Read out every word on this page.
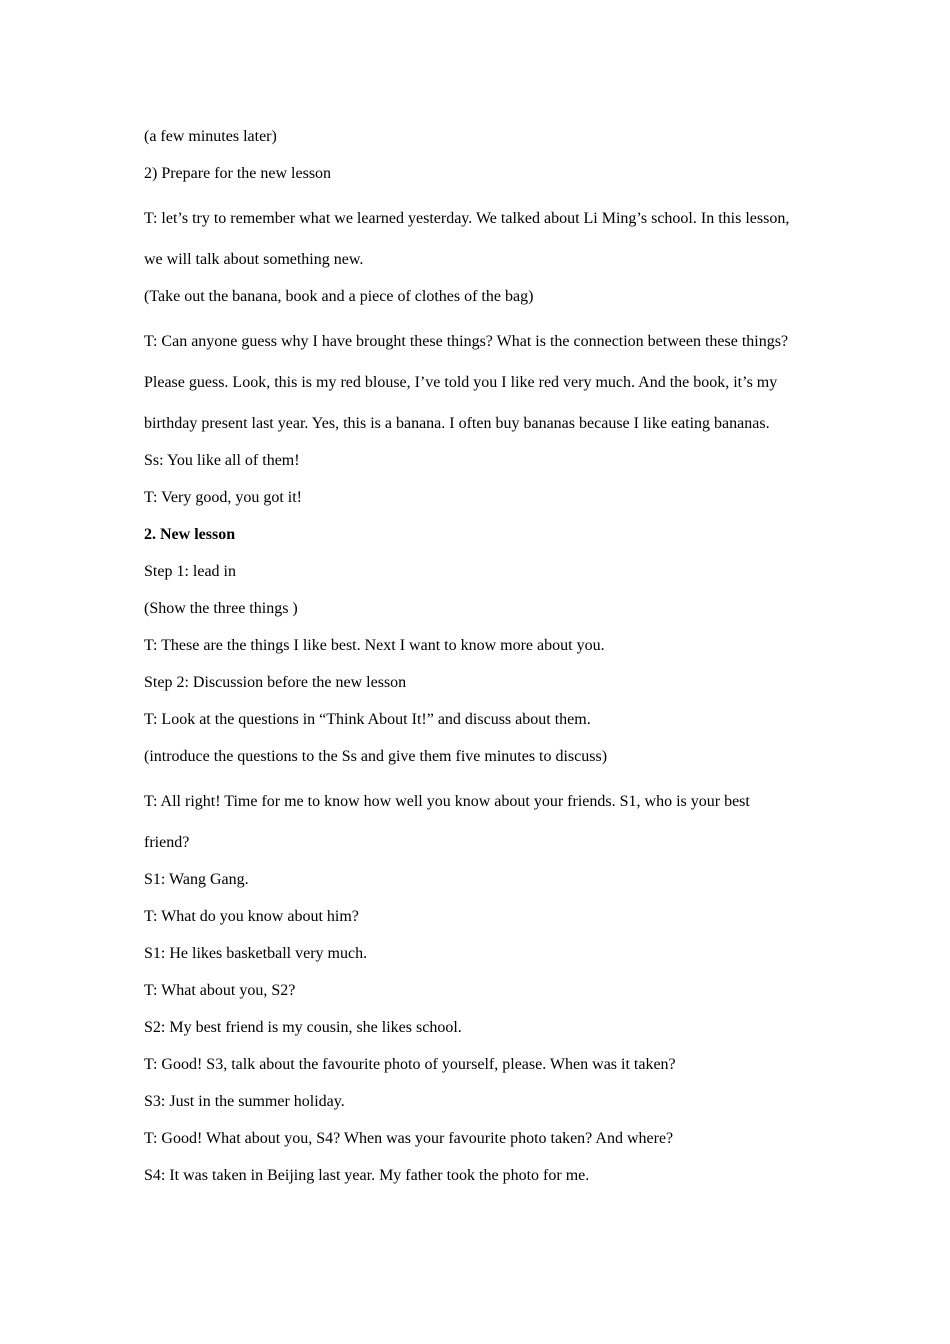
(a few minutes later)

2) Prepare for the new lesson

T: let’s try to remember what we learned yesterday. We talked about Li Ming’s school. In this lesson, we will talk about something new.

(Take out the banana, book and a piece of clothes of the bag)

T: Can anyone guess why I have brought these things? What is the connection between these things? Please guess. Look, this is my red blouse, I’ve told you I like red very much. And the book, it’s my birthday present last year. Yes, this is a banana. I often buy bananas because I like eating bananas.

Ss: You like all of them!

T: Very good, you got it!

2. New lesson

Step 1: lead in

(Show the three things )

T: These are the things I like best. Next I want to know more about you.

Step 2: Discussion before the new lesson

T: Look at the questions in “Think About It!” and discuss about them.

(introduce the questions to the Ss and give them five minutes to discuss)

T: All right! Time for me to know how well you know about your friends. S1, who is your best friend?

S1: Wang Gang.

T: What do you know about him?

S1: He likes basketball very much.

T: What about you, S2?

S2: My best friend is my cousin, she likes school.

T: Good! S3, talk about the favourite photo of yourself, please. When was it taken?

S3: Just in the summer holiday.

T: Good! What about you, S4? When was your favourite photo taken? And where?

S4: It was taken in Beijing last year. My father took the photo for me.
